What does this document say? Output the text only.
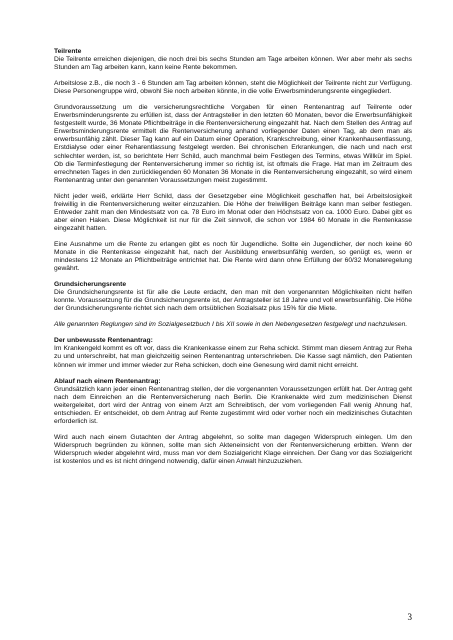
Teilrente

Die Teilrente erreichen diejenigen, die noch drei bis sechs Stunden am Tage arbeiten können. Wer aber mehr als sechs Stunden am Tag arbeiten kann, kann keine Rente bekommen.

Arbeitslose z.B., die noch 3 - 6 Stunden am Tag arbeiten können, steht die Möglichkeit der Teilrente nicht zur Verfügung. Diese Personengruppe wird, obwohl Sie noch arbeiten könnte, in die volle Erwerbsminderungsrente eingegliedert.

Grundvoraussetzung um die versicherungsrechtliche Vorgaben für einen Rentenantrag auf Teilrente oder Erwerbsminderungsrente zu erfüllen ist, dass der Antragsteller in den letzten 60 Monaten, bevor die Erwerbsunfähigkeit festgestellt wurde, 36 Monate Pflichtbeiträge in die Rentenversicherung eingezahlt hat. Nach dem Stellen des Antrag auf Erwerbsminderungsrente ermittelt die Rentenversicherung anhand vorliegender Daten einen Tag, ab dem man als erwerbsunfähig zählt. Dieser Tag kann auf ein Datum einer Operation, Krankschreibung, einer Krankenhausentlassung, Erstdialyse oder einer Reharentlassung festgelegt werden. Bei chronischen Erkrankungen, die nach und nach erst schlechter werden, ist, so berichtete Herr Schild, auch manchmal beim Festlegen des Termins, etwas Willkür im Spiel. Ob die Terminfestlegung der Rentenversicherung immer so richtig ist, ist oftmals die Frage. Hat man im Zeitraum des errechneten Tages in den zurückliegenden 60 Monaten 36 Monate in die Rentenversicherung eingezahlt, so wird einem Rentenantrag unter den genannten Voraussetzungen meist zugestimmt.

Nicht jeder weiß, erklärte Herr Schild, dass der Gesetzgeber eine Möglichkeit geschaffen hat, bei Arbeitslosigkeit freiwillig in die Rentenversicherung weiter einzuzahlen. Die Höhe der freiwilligen Beiträge kann man selber festlegen. Entweder zahlt man den Mindestsatz von ca. 78 Euro im Monat oder den Höchstsatz von ca. 1000 Euro. Dabei gibt es aber einen Haken. Diese Möglichkeit ist nur für die Zeit sinnvoll, die schon vor 1984 60 Monate in die Rentenkasse eingezahlt hatten.

Eine Ausnahme um die Rente zu erlangen gibt es noch für Jugendliche. Sollte ein Jugendlicher, der noch keine 60 Monate in die Rentenkasse eingezahlt hat, nach der Ausbildung erwerbsunfähig werden, so genügt es, wenn er mindestens 12 Monate an Pflichtbeiträge entrichtet hat. Die Rente wird dann ohne Erfüllung der 60/32 Monateregelung gewährt.

Grundsicherungsrente

Die Grundsicherungsrente ist für alle die Leute erdacht, den man mit den vorgenannten Möglichkeiten nicht helfen konnte. Voraussetzung für die Grundsicherungsrente ist, der Antragsteller ist 18 Jahre und voll erwerbsunfähig. Die Höhe der Grundsicherungsrente richtet sich nach dem ortsüblichen Sozialsatz plus 15% für die Miete.

Alle genannten Reglungen sind im Sozialgesetzbuch I bis XII sowie in den Nebengesetzen festgelegt und nachzulesen.

Der unbewusste Rentenantrag:

Im Krankengeld kommt es oft vor, dass die Krankenkasse einem zur Reha schickt. Stimmt man diesem Antrag zur Reha zu und unterschreibt, hat man gleichzeitig seinen Rentenantrag unterschrieben. Die Kasse sagt nämlich, den Patienten können wir immer und immer wieder zur Reha schicken, doch eine Genesung wird damit nicht erreicht.

Ablauf nach einem Rentenantrag:

Grundsätzlich kann jeder einen Rentenantrag stellen, der die vorgenannten Voraussetzungen erfüllt hat. Der Antrag geht nach dem Einreichen an die Rentenversicherung nach Berlin. Die Krankenakte wird zum medizinischen Dienst weitergeleitet, dort wird der Antrag von einem Arzt am Schreibtisch, der vom vorliegenden Fall wenig Ahnung haf, entschieden. Er entscheidet, ob dem Antrag auf Rente zugestimmt wird oder vorher noch ein medizinisches Gutachten erforderlich ist.

Wird auch nach einem Gutachten der Antrag abgelehnt, so sollte man dagegen Widerspruch einlegen. Um den Widerspruch begründen zu können, sollte man sich Akteneinsicht von der Rentenversicherung erbitten. Wenn der Widerspruch wieder abgelehnt wird, muss man vor dem Sozialgericht Klage einreichen. Der Gang vor das Sozialgericht ist kostenlos und es ist nicht dringend notwendig, dafür einen Anwalt hinzuzuziehen.

3
